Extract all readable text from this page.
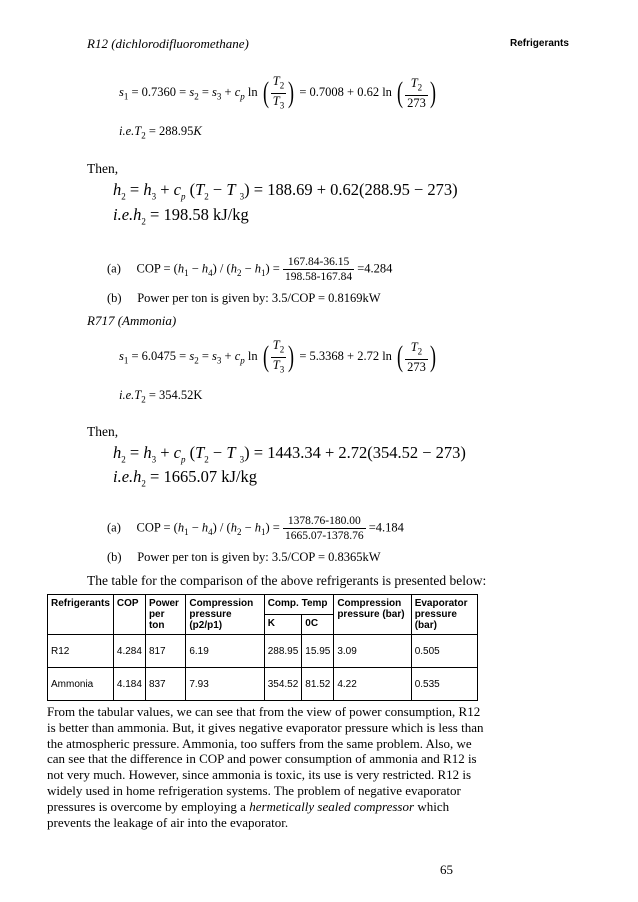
R12 (dichlorodifluoromethane)	Refrigerants
$s_1 = 0.7360 = s_2 = s_3 + c_p$ ln ( $\frac{T_2}{T_3}$ ) = 0.7008 + 0.62 ln ( $\frac{T_2}{273}$ )
$i.e.T_2 = 288.95K$
Then,
$h_2 = h_3 + c_p$ ($T_2 - T$ $_3$) = 188.69 + 0.62(288.95 − 273)
$i.e.h_2 = 198.58$ kJ/kg
(a)     COP = $(h_1 - h_4) / (h_2 - h_1) = \frac{167.84-36.15}{198.58-167.84} =4.284$
(b) Power per ton is given by: 3.5/COP = 0.8169kW
R717 (Ammonia)
$s_1 = 6.0475 = s_2 = s_3 + c_p$ ln ( $\frac{T_2}{T_3}$ ) = 5.3368 + 2.72 ln ( $\frac{T_2}{273}$ )
$i.e.T_2 = 354.52K$
Then,
$h_2 = h_3 + c_p$ ($T_2 - T$ $_3$) = 1443.34 + 2.72(354.52 − 273)
$i.e.h_2 = 1665.07$ kJ/kg
(a)     COP = $(h_1 - h_4) / (h_2 - h_1) = \frac{1378.76-180.00}{1665.07-1378.76} =4.184$
(b) Power per ton is given by: 3.5/COP = 0.8365kW
The table for the comparison of the above refrigerants is presented below:
Refrigerants	COP	Power per ton	Compression pressure (p2/p1)	Comp. Temp		Compression pressure (bar)	Evaporator pressure (bar)
				K	0C		
R12	4.284	817	6.19	288.95	15.95	3.09	0.505
Ammonia	4.184	837	7.93	354.52	81.52	4.22	0.535
From the tabular values, we can see that from the view of power consumption, R12 is better than ammonia. But, it gives negative evaporator pressure which is less than the atmospheric pressure. Ammonia, too suffers from the same problem. Also, we can see that the difference in COP and power consumption of ammonia and R12 is not very much. However, since ammonia is toxic, its use is very restricted. R12 is widely used in home refrigeration systems. The problem of negative evaporator pressures is overcome by employing a hermetically sealed compressor which prevents the leakage of air into the evaporator.
65
